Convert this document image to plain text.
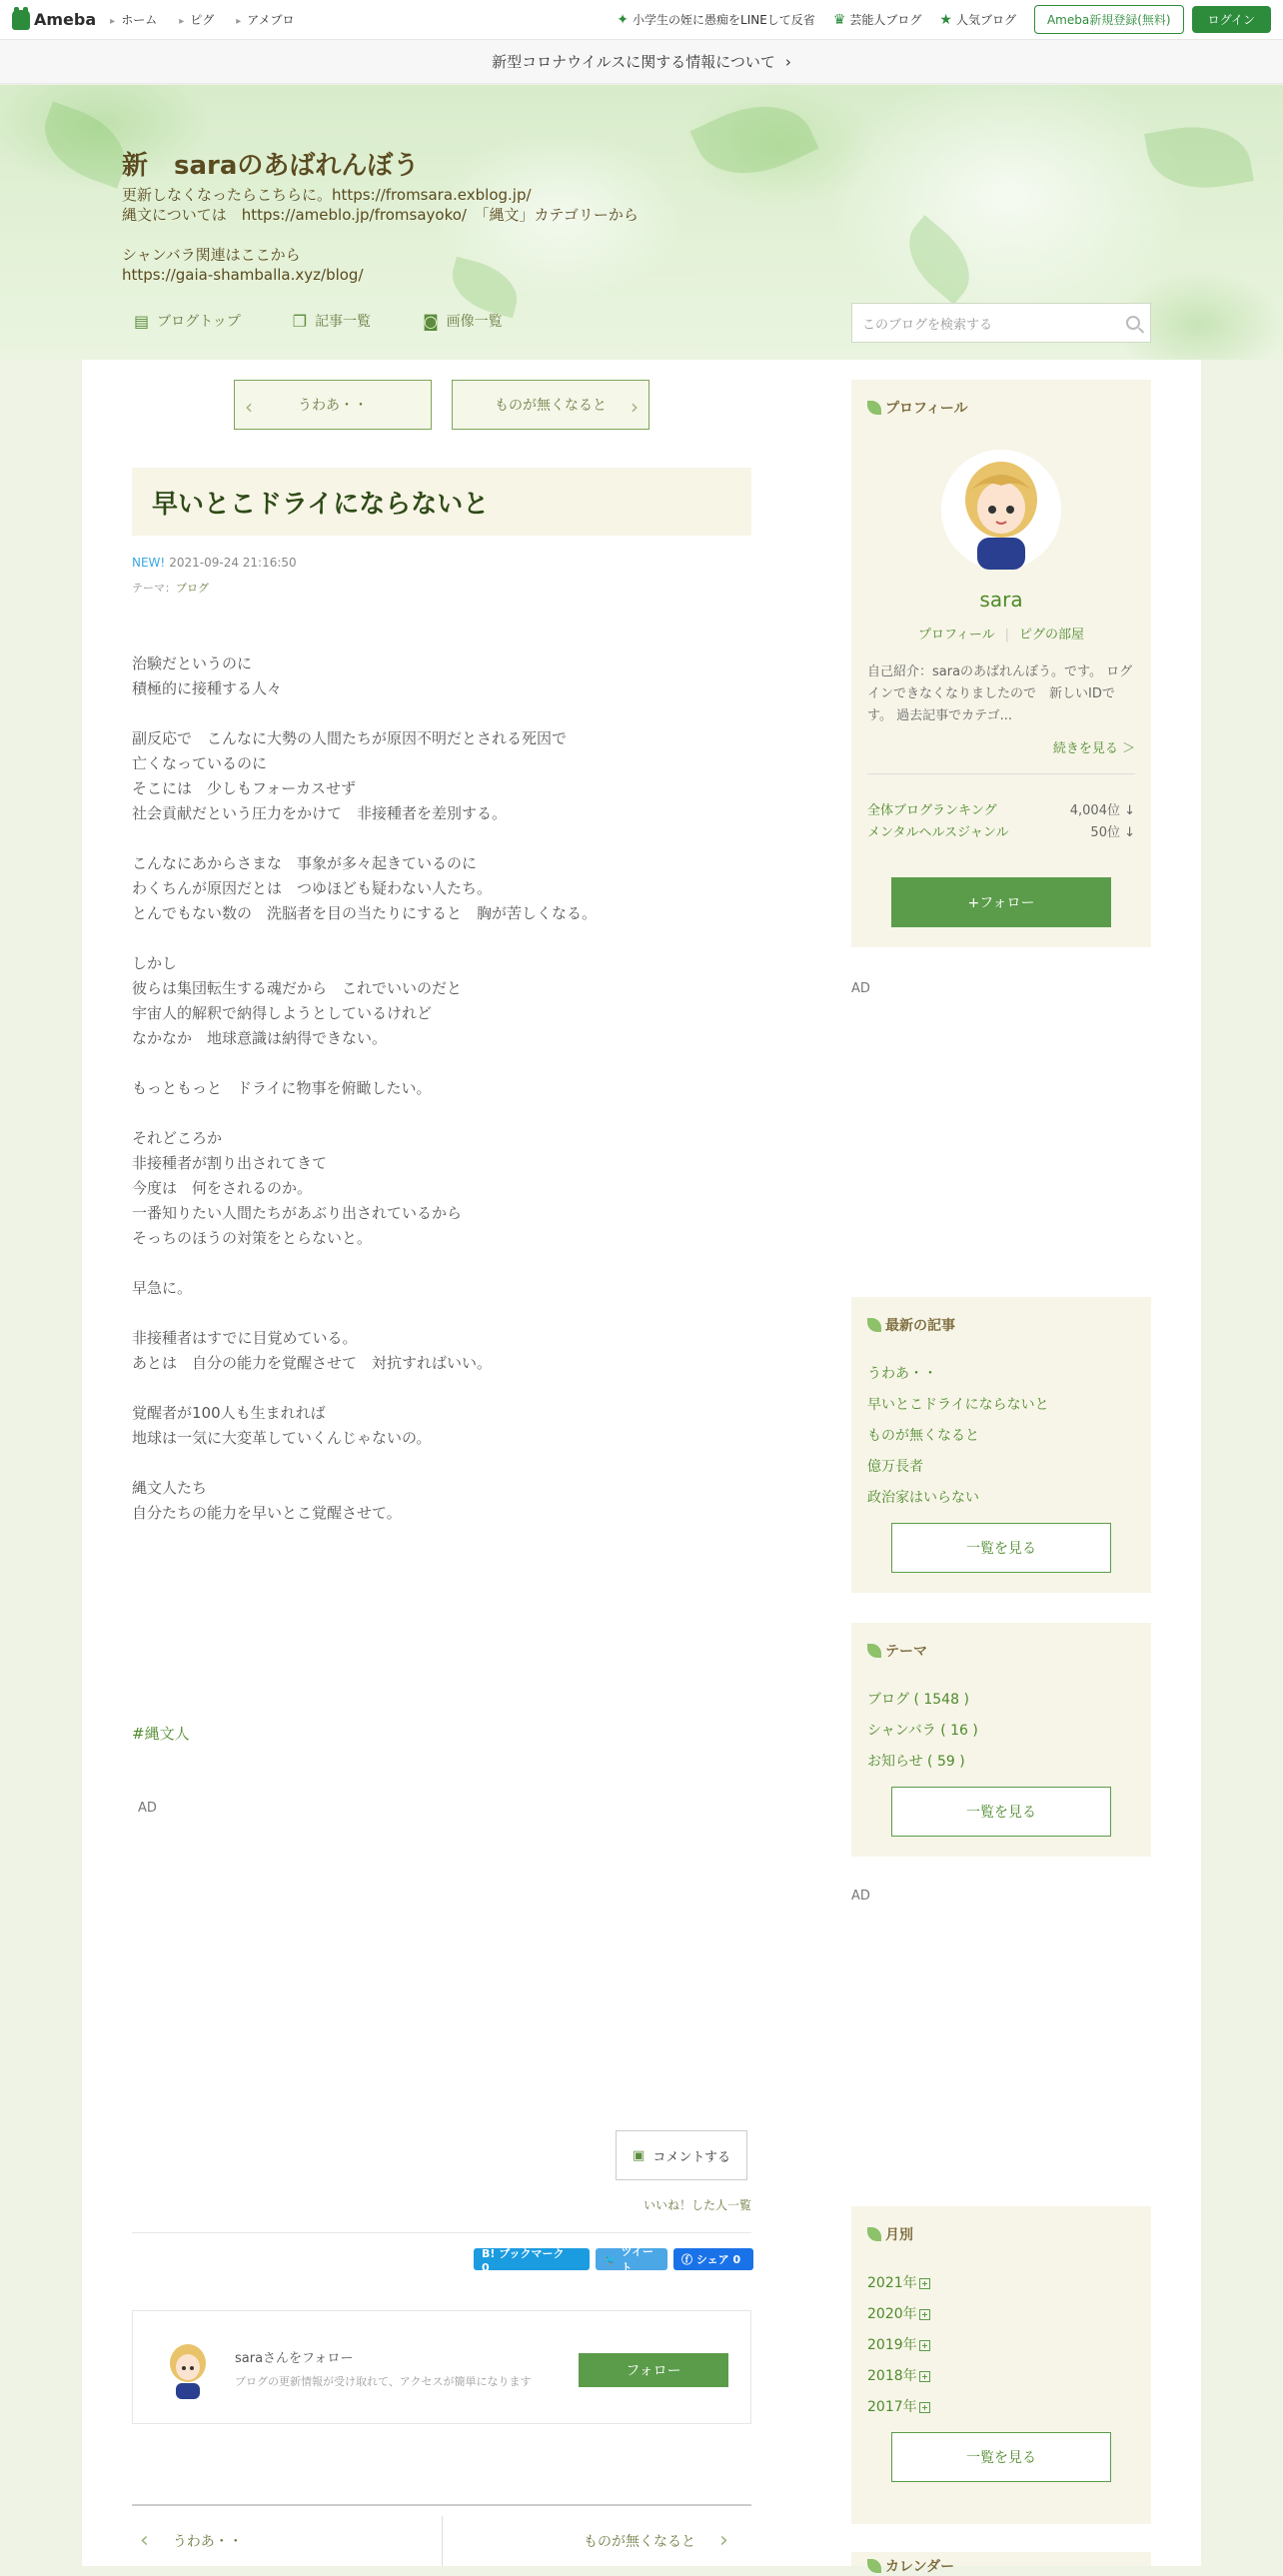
Ameba	▸ ホーム	▸ ピグ	▸ アメブロ	✦ 小学生の姪に愚痴をLINEして反省 ♛ 芸能人ブログ ★ 人気ブログ	Ameba新規登録(無料)	ログイン
新型コロナウイルスに関する情報について ›
新　saraのあばれんぼう
更新しなくなったらこちらに。https://fromsara.exblog.jp/
縄文については　https://ameblo.jp/fromsayoko/　「縄文」カテゴリーから

シャンバラ関連はここから
https://gaia-shamballa.xyz/blog/
▤ ブログトップ	❐ 記事一覧	◙ 画像一覧	このブログを検索する
‹	うわあ・・	ものが無くなると ›
早いとこドライにならないと
NEW! 2021-09-24 21:16:50
テーマ：ブログ
治験だというのに
積極的に接種する人々

副反応で　こんなに大勢の人間たちが原因不明だとされる死因で
亡くなっているのに
そこには　少しもフォーカスせず
社会貢献だという圧力をかけて　非接種者を差別する。

こんなにあからさまな　事象が多々起きているのに
わくちんが原因だとは　つゆほども疑わない人たち。
とんでもない数の　洗脳者を目の当たりにすると　胸が苦しくなる。

しかし
彼らは集団転生する魂だから　これでいいのだと
宇宙人的解釈で納得しようとしているけれど
なかなか　地球意識は納得できない。

もっともっと　ドライに物事を俯瞰したい。

それどころか
非接種者が割り出されてきて
今度は　何をされるのか。
一番知りたい人間たちがあぶり出されているから
そっちのほうの対策をとらないと。

早急に。

非接種者はすでに目覚めている。
あとは　自分の能力を覚醒させて　対抗すればいい。

覚醒者が100人も生まれれば
地球は一気に大変革していくんじゃないの。

縄文人たち
自分たちの能力を早いとこ覚醒させて。
#縄文人
AD
▣ コメントする
いいね！した人一覧
B! ブックマーク　0
🐦

ツイート
ⓕ
シェア 0
saraさんをフォロー
ブログの更新情報が受け取れて、アクセスが簡単になります
フォロー
‹ うわあ・・	ものが無くなると ›
プロフィール
sara
プロフィール | ピグの部屋
自己紹介：saraのあばれんぼう。です。 ログインできなくなりましたので　新しいIDです。 過去記事でカテゴ...
続きを見る ＞
全体ブログランキング	4,004位 ↓
メンタルヘルスジャンル	50位 ↓
+フォロー
AD
最新の記事
うわあ・・
早いとこドライにならないと
ものが無くなると
億万長者
政治家はいらない
一覧を見る
テーマ
ブログ ( 1548 )
シャンバラ ( 16 )
お知らせ ( 59 )
一覧を見る
AD
月別
2021年
2020年
2019年
2018年
2017年
一覧を見る
カレンダー
